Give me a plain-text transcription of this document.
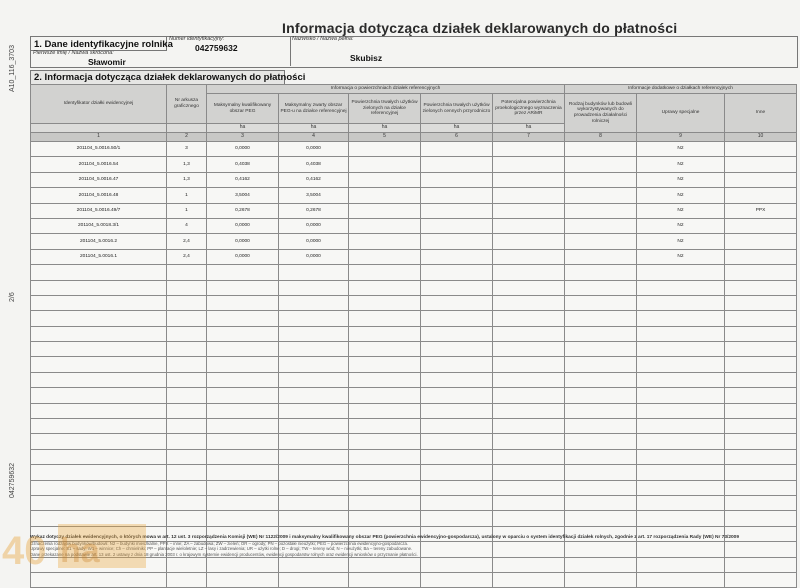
A10_116_3703
2/6
042759632
Informacja dotycząca działek deklarowanych do płatności
1. Dane identyfikacyjne rolnika
Numer identyfikacyjny:
042759632
Nazwisko / Nazwa pełna:
Skubisz
Pierwsze imię / Nazwa skrócona:
Sławomir
2. Informacja dotycząca działek deklarowanych do płatności
Identyfikator działki ewidencyjnej	Nr arkusza graficznego	Informacja o powierzchniach działek referencyjnych					Informacje dodatkowe o działkach referencyjnych		
		Maksymalny kwalifikowany obszar PEG	Maksymalny zwarty obszar PEG-u na działce referencyjnej	Powierzchnia trwałych użytków zielonych na działce referencyjnej	Powierzchnia trwałych użytków zielonych cennych przyrodniczo	Potencjalna powierzchnia proekologicznego wyznaczenia przez ARiMR	Rodzaj budynków lub budowli wykorzystywanych do prowadzenia działalności rolniczej	Uprawy specjalne	Inne
		ha	ha	ha	ha	ha			
1	2	3	4	5	6	7	8	9	10
201104_5.0016.50/1	3	0,0000	0,0000					N2	
201104_5.0016.54	1,3	0,4038	0,4038					N2	
201104_5.0016.47	1,3	0,4162	0,4162					N2	
201104_5.0016.48	1	3,5004	3,5004					N2	
201104_5.0016.49/7	1	0,2678	0,2678					N2	PPX
201104_5.0018.3/1	4	0,0000	0,0000					N2	
201104_5.0016.2	2,4	0,0000	0,0000					N2	
201104_5.0016.1	2,4	0,0000	0,0000					N2	

Wykaz dotyczy działek ewidencyjnych, o których mowa w art. 12 ust. 3 rozporządzenia Komisji (WE) Nr 1122/2009 i maksymalny kwalifikowany obszar PEG (powierzchnia ewidencyjno-gospodarcza), ustalony w oparciu o system identyfikacji działek rolnych, zgodnie z art. 17 rozporządzenia Rady (WE) Nr 73/2009
Oznaczenia rodzajów budynków/budowli: N2 – budynki mieszkalne, PPX – inne; ZA – zabudowa; ZW – zieleń; OR – ogrody; PN – pozostałe nieużytki; PEG – powierzchnia ewidencyjno-gospodarcza.
Uprawy specjalne: S1 – sady; W1 – winnice; Ch – chmielniki; PP – plantacje wieloletnie; LZ – lasy i zadrzewienia; UR – użytki rolne; D – drogi; TW – tereny wód; N – nieużytki; Ba – tereny zabudowane.
Dane przekazane na podstawie art. 13 ust. 2 ustawy z dnia 18 grudnia 2003 r. o krajowym systemie ewidencji producentów, ewidencji gospodarstw rolnych oraz ewidencji wniosków o przyznanie płatności.
40 ha
